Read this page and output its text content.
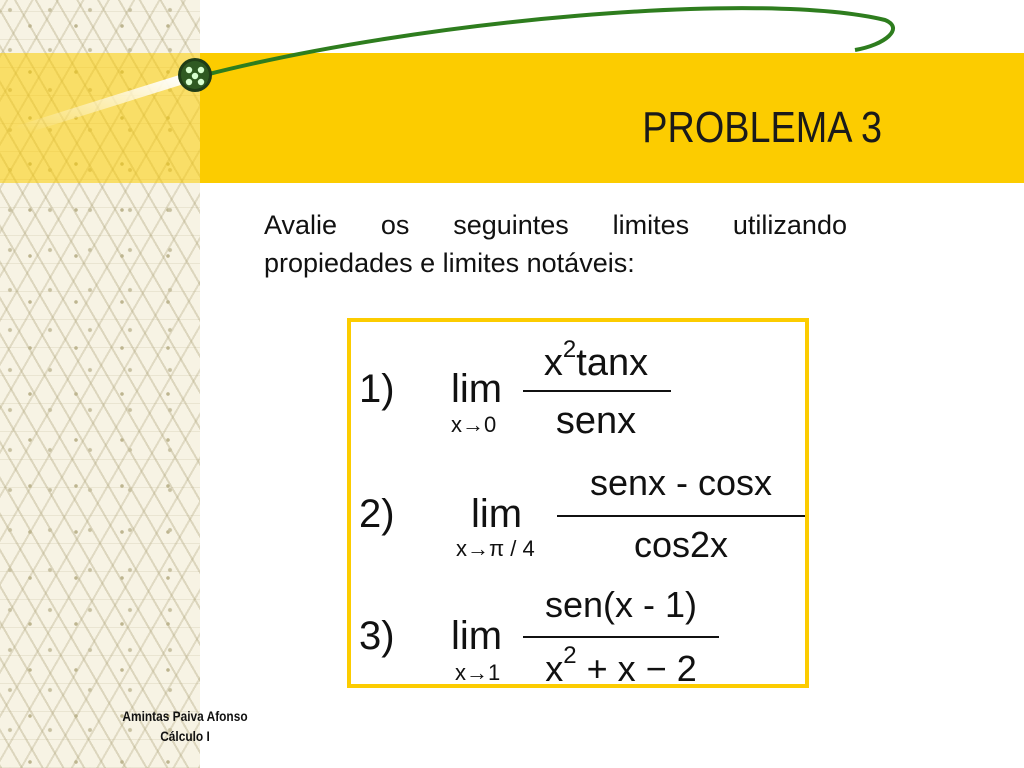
PROBLEMA 3
Avalie os seguintes limites utilizando
propiedades e limites notáveis:
1) lim
x→0
$x^2\tan x$
senx
2) lim
x→π / 4
senx - cosx
cos2x
3) lim
x→1
sen(x - 1)
$x^2 + x - 2$
Amintas Paiva Afonso
Cálculo I
